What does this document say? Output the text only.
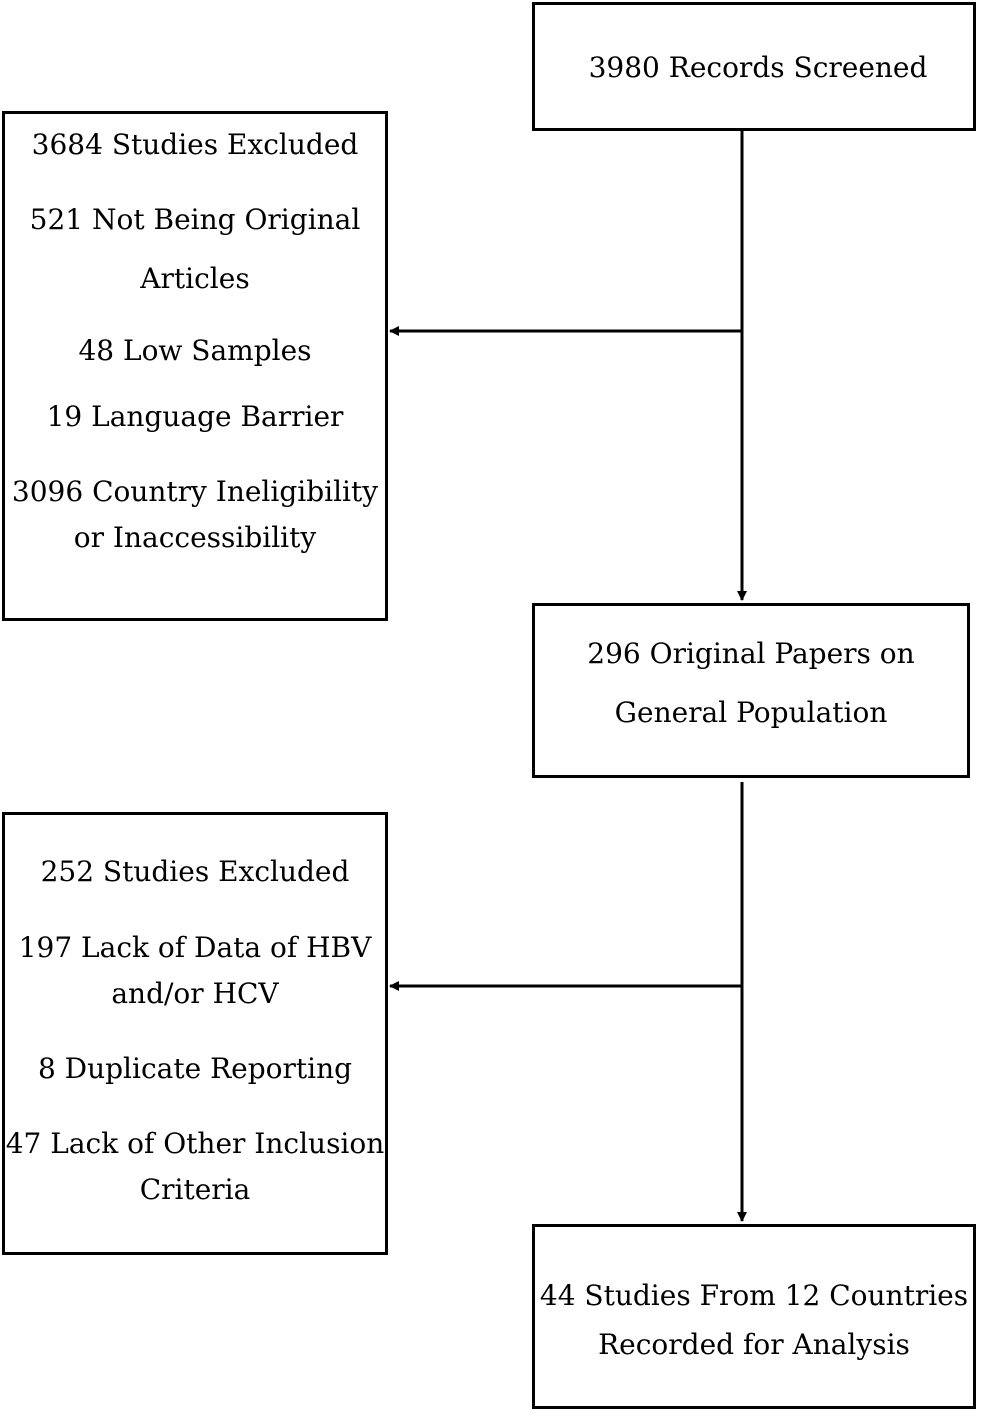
3980 Records Screened
3684 Studies Excluded
521 Not Being Original
Articles
48 Low Samples
19 Language Barrier
3096 Country Ineligibility
or Inaccessibility
296 Original Papers on
General Population
252 Studies Excluded
197 Lack of Data of HBV
and/or HCV
8 Duplicate Reporting
47 Lack of Other Inclusion
Criteria
44 Studies From 12 Countries
Recorded for Analysis
